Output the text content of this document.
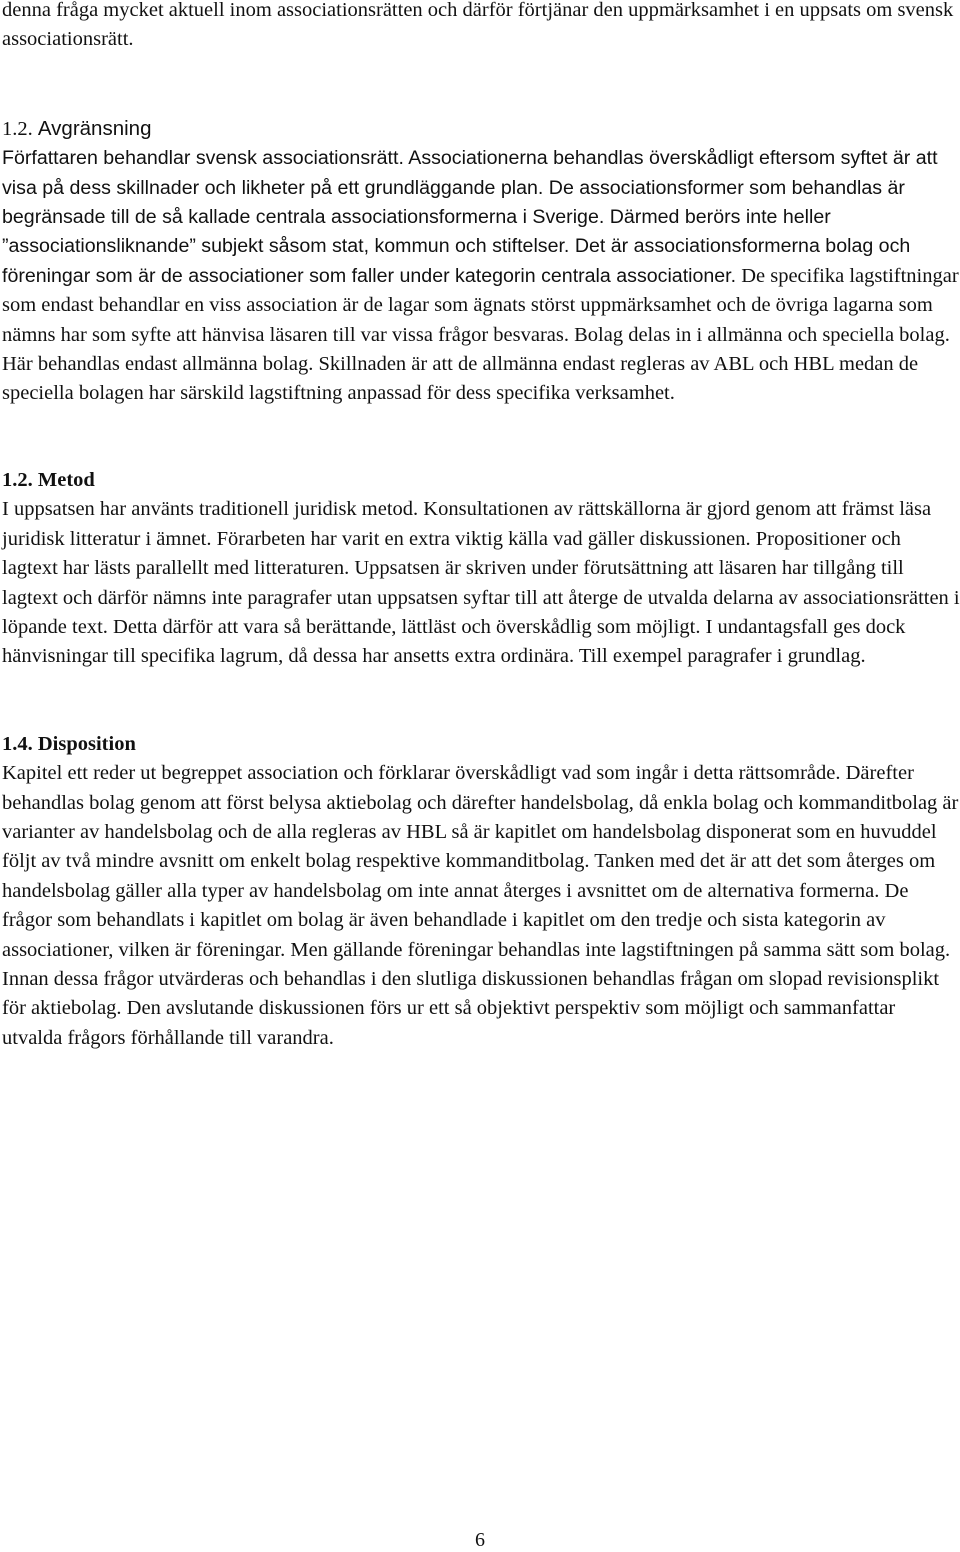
denna fråga mycket aktuell inom associationsrätten och därför förtjänar den uppmärksamhet i en uppsats om svensk associationsrätt.

1.2. Avgränsning

Författaren behandlar svensk associationsrätt. Associationerna behandlas överskådligt eftersom syftet är att visa på dess skillnader och likheter på ett grundläggande plan. De associationsformer som behandlas är begränsade till de så kallade centrala associationsformerna i Sverige. Därmed berörs inte heller ”associationsliknande” subjekt såsom stat, kommun och stiftelser. Det är associationsformerna bolag och föreningar som är de associationer som faller under kategorin centrala associationer. De specifika lagstiftningar som endast behandlar en viss association är de lagar som ägnats störst uppmärksamhet och de övriga lagarna som nämns har som syfte att hänvisa läsaren till var vissa frågor besvaras. Bolag delas in i allmänna och speciella bolag. Här behandlas endast allmänna bolag. Skillnaden är att de allmänna endast regleras av ABL och HBL medan de speciella bolagen har särskild lagstiftning anpassad för dess specifika verksamhet.

1.2. Metod

I uppsatsen har använts traditionell juridisk metod. Konsultationen av rättskällorna är gjord genom att främst läsa juridisk litteratur i ämnet. Förarbeten har varit en extra viktig källa vad gäller diskussionen. Propositioner och lagtext har lästs parallellt med litteraturen. Uppsatsen är skriven under förutsättning att läsaren har tillgång till lagtext och därför nämns inte paragrafer utan uppsatsen syftar till att återge de utvalda delarna av associationsrätten i löpande text. Detta därför att vara så berättande, lättläst och överskådlig som möjligt. I undantagsfall ges dock hänvisningar till specifika lagrum, då dessa har ansetts extra ordinära. Till exempel paragrafer i grundlag.

1.4. Disposition

Kapitel ett reder ut begreppet association och förklarar överskådligt vad som ingår i detta rättsområde. Därefter behandlas bolag genom att först belysa aktiebolag och därefter handelsbolag, då enkla bolag och kommanditbolag är varianter av handelsbolag och de alla regleras av HBL så är kapitlet om handelsbolag disponerat som en huvuddel följt av två mindre avsnitt om enkelt bolag respektive kommanditbolag. Tanken med det är att det som återges om handelsbolag gäller alla typer av handelsbolag om inte annat återges i avsnittet om de alternativa formerna. De frågor som behandlats i kapitlet om bolag är även behandlade i kapitlet om den tredje och sista kategorin av associationer, vilken är föreningar. Men gällande föreningar behandlas inte lagstiftningen på samma sätt som bolag. Innan dessa frågor utvärderas och behandlas i den slutliga diskussionen behandlas frågan om slopad revisionsplikt för aktiebolag. Den avslutande diskussionen förs ur ett så objektivt perspektiv som möjligt och sammanfattar utvalda frågors förhållande till varandra.

6
